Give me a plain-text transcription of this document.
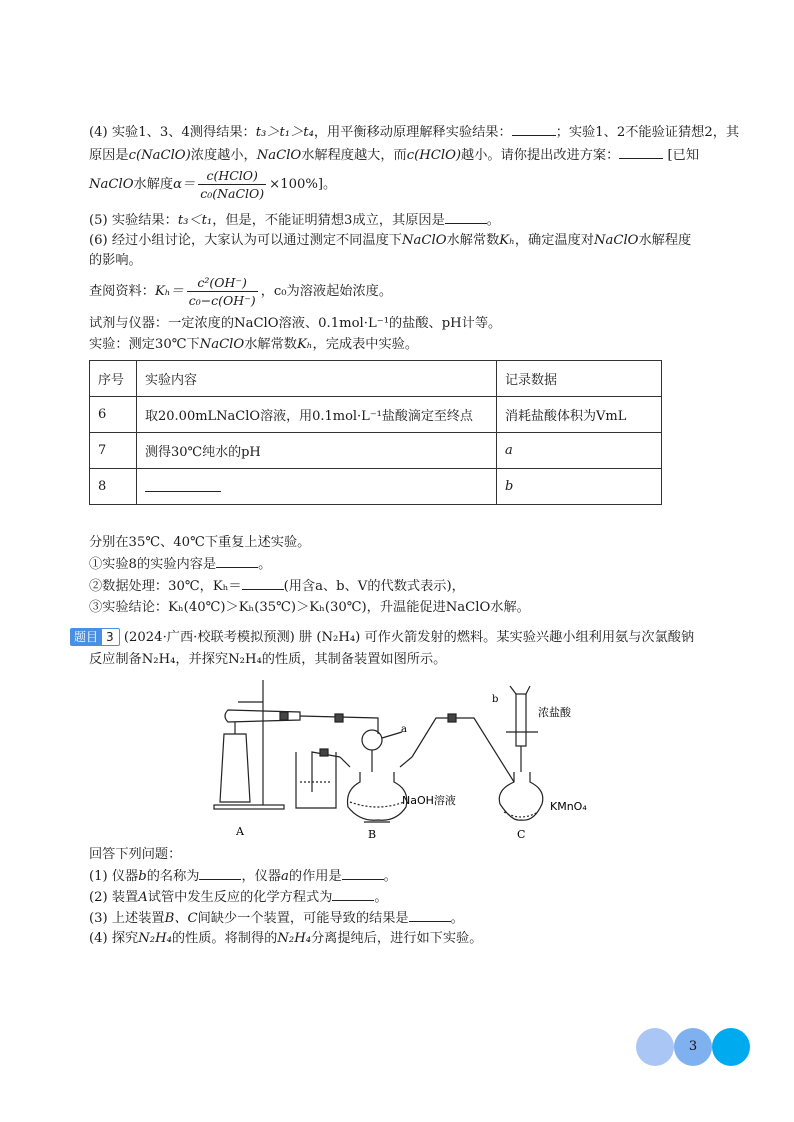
(4) 实验1、3、4测得结果：t₃＞t₁＞t₄，用平衡移动原理解释实验结果：	；实验1、2不能验证猜想2，其
原因是c(NaClO)浓度越小，NaClO水解程度越大，而c(HClO)越小。请你提出改进方案：	[已知
NaClO水解度$\alpha= \frac{\text{c(HClO)}}{\text{c₀(NaClO)}} \times 100\%$]。
(5) 实验结果：t₃＜t₁，但是，不能证明猜想3成立，其原因是	。
(6) 经过小组讨论，大家认为可以通过测定不同温度下NaClO水解常数Kₕ，确定温度对NaClO水解程度
的影响。
查阅资料：$K_h= \frac{\text{c²(OH⁻)}}{\text{c₀−c(OH⁻)}}$ ，c₀为溶液起始浓度。
试剂与仪器：一定浓度的NaClO溶液、0.1mol·L⁻¹的盐酸、pH计等。
实验：测定30℃下NaClO水解常数Kₕ，完成表中实验。
序号	实验内容	记录数据
6	取20.00mLNaClO溶液，用0.1mol·L⁻¹盐酸滴定至终点	消耗盐酸体积为VmL
7	测得30℃纯水的pH	a
8		b
分别在35℃、40℃下重复上述实验。
①实验8的实验内容是	。
②数据处理：30℃，Kₕ＝	(用含a、b、V的代数式表示)，
③实验结论：Kₕ(40℃)＞Kₕ(35℃)＞Kₕ(30℃)，升温能促进NaClO水解。
题目 3 (2024·广西·校联考模拟预测) 肼 (N₂H₄) 可作火箭发射的燃料。某实验兴趣小组利用氨与次氯酸钠
反应制备N₂H₄，并探究N₂H₄的性质，其制备装置如图所示。
A	B	C
a
b
NaOH溶液
浓盐酸
KMnO₄
回答下列问题：
(1) 仪器b的名称为	，仪器a的作用是	。
(2) 装置A试管中发生反应的化学方程式为	。
(3) 上述装置B、C间缺少一个装置，可能导致的结果是	。
(4) 探究N₂H₄的性质。将制得的N₂H₄分离提纯后，进行如下实验。
3
